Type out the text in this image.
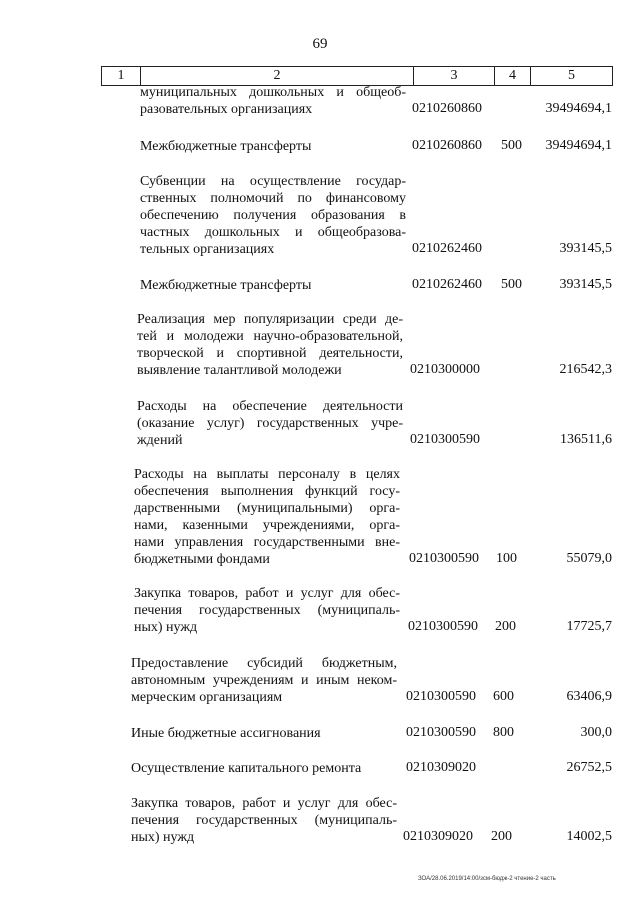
69
1	2	3	4	5
муниципальных дошкольных и общеоб-
разовательных организациях	0210260860	39494694,1
Межбюджетные трансферты	0210260860 500 39494694,1
Субвенции на осуществление государ-
ственных полномочий по финансовому
обеспечению получения образования в
частных дошкольных и общеобразова-
тельных организациях	0210262460	393145,5
Межбюджетные трансферты	0210262460 500	393145,5
Реализация мер популяризации среди де-
тей и молодежи научно-образовательной,
творческой и спортивной деятельности,
выявление талантливой молодежи	0210300000	216542,3
Расходы на обеспечение деятельности
(оказание услуг) государственных учре-
ждений	0210300590	136511,6
Расходы на выплаты персоналу в целях
обеспечения выполнения функций госу-
дарственными (муниципальными) орга-
нами, казенными учреждениями, орга-
нами управления государственными вне-
бюджетными фондами	0210300590 100	55079,0
Закупка товаров, работ и услуг для обес-
печения государственных (муниципаль-
ных) нужд	0210300590 200	17725,7
Предоставление субсидий бюджетным,
автономным учреждениям и иным неком-
мерческим организациям	0210300590 600	63406,9
Иные бюджетные ассигнования	0210300590 800	300,0
Осуществление капитального ремонта	0210309020	26752,5
Закупка товаров, работ и услуг для обес-
печения государственных (муниципаль-
ных) нужд	0210309020 200	14002,5
ЗОА/28.06.2019/14:00/зсм-бюдж-2 чтение-2 часть
